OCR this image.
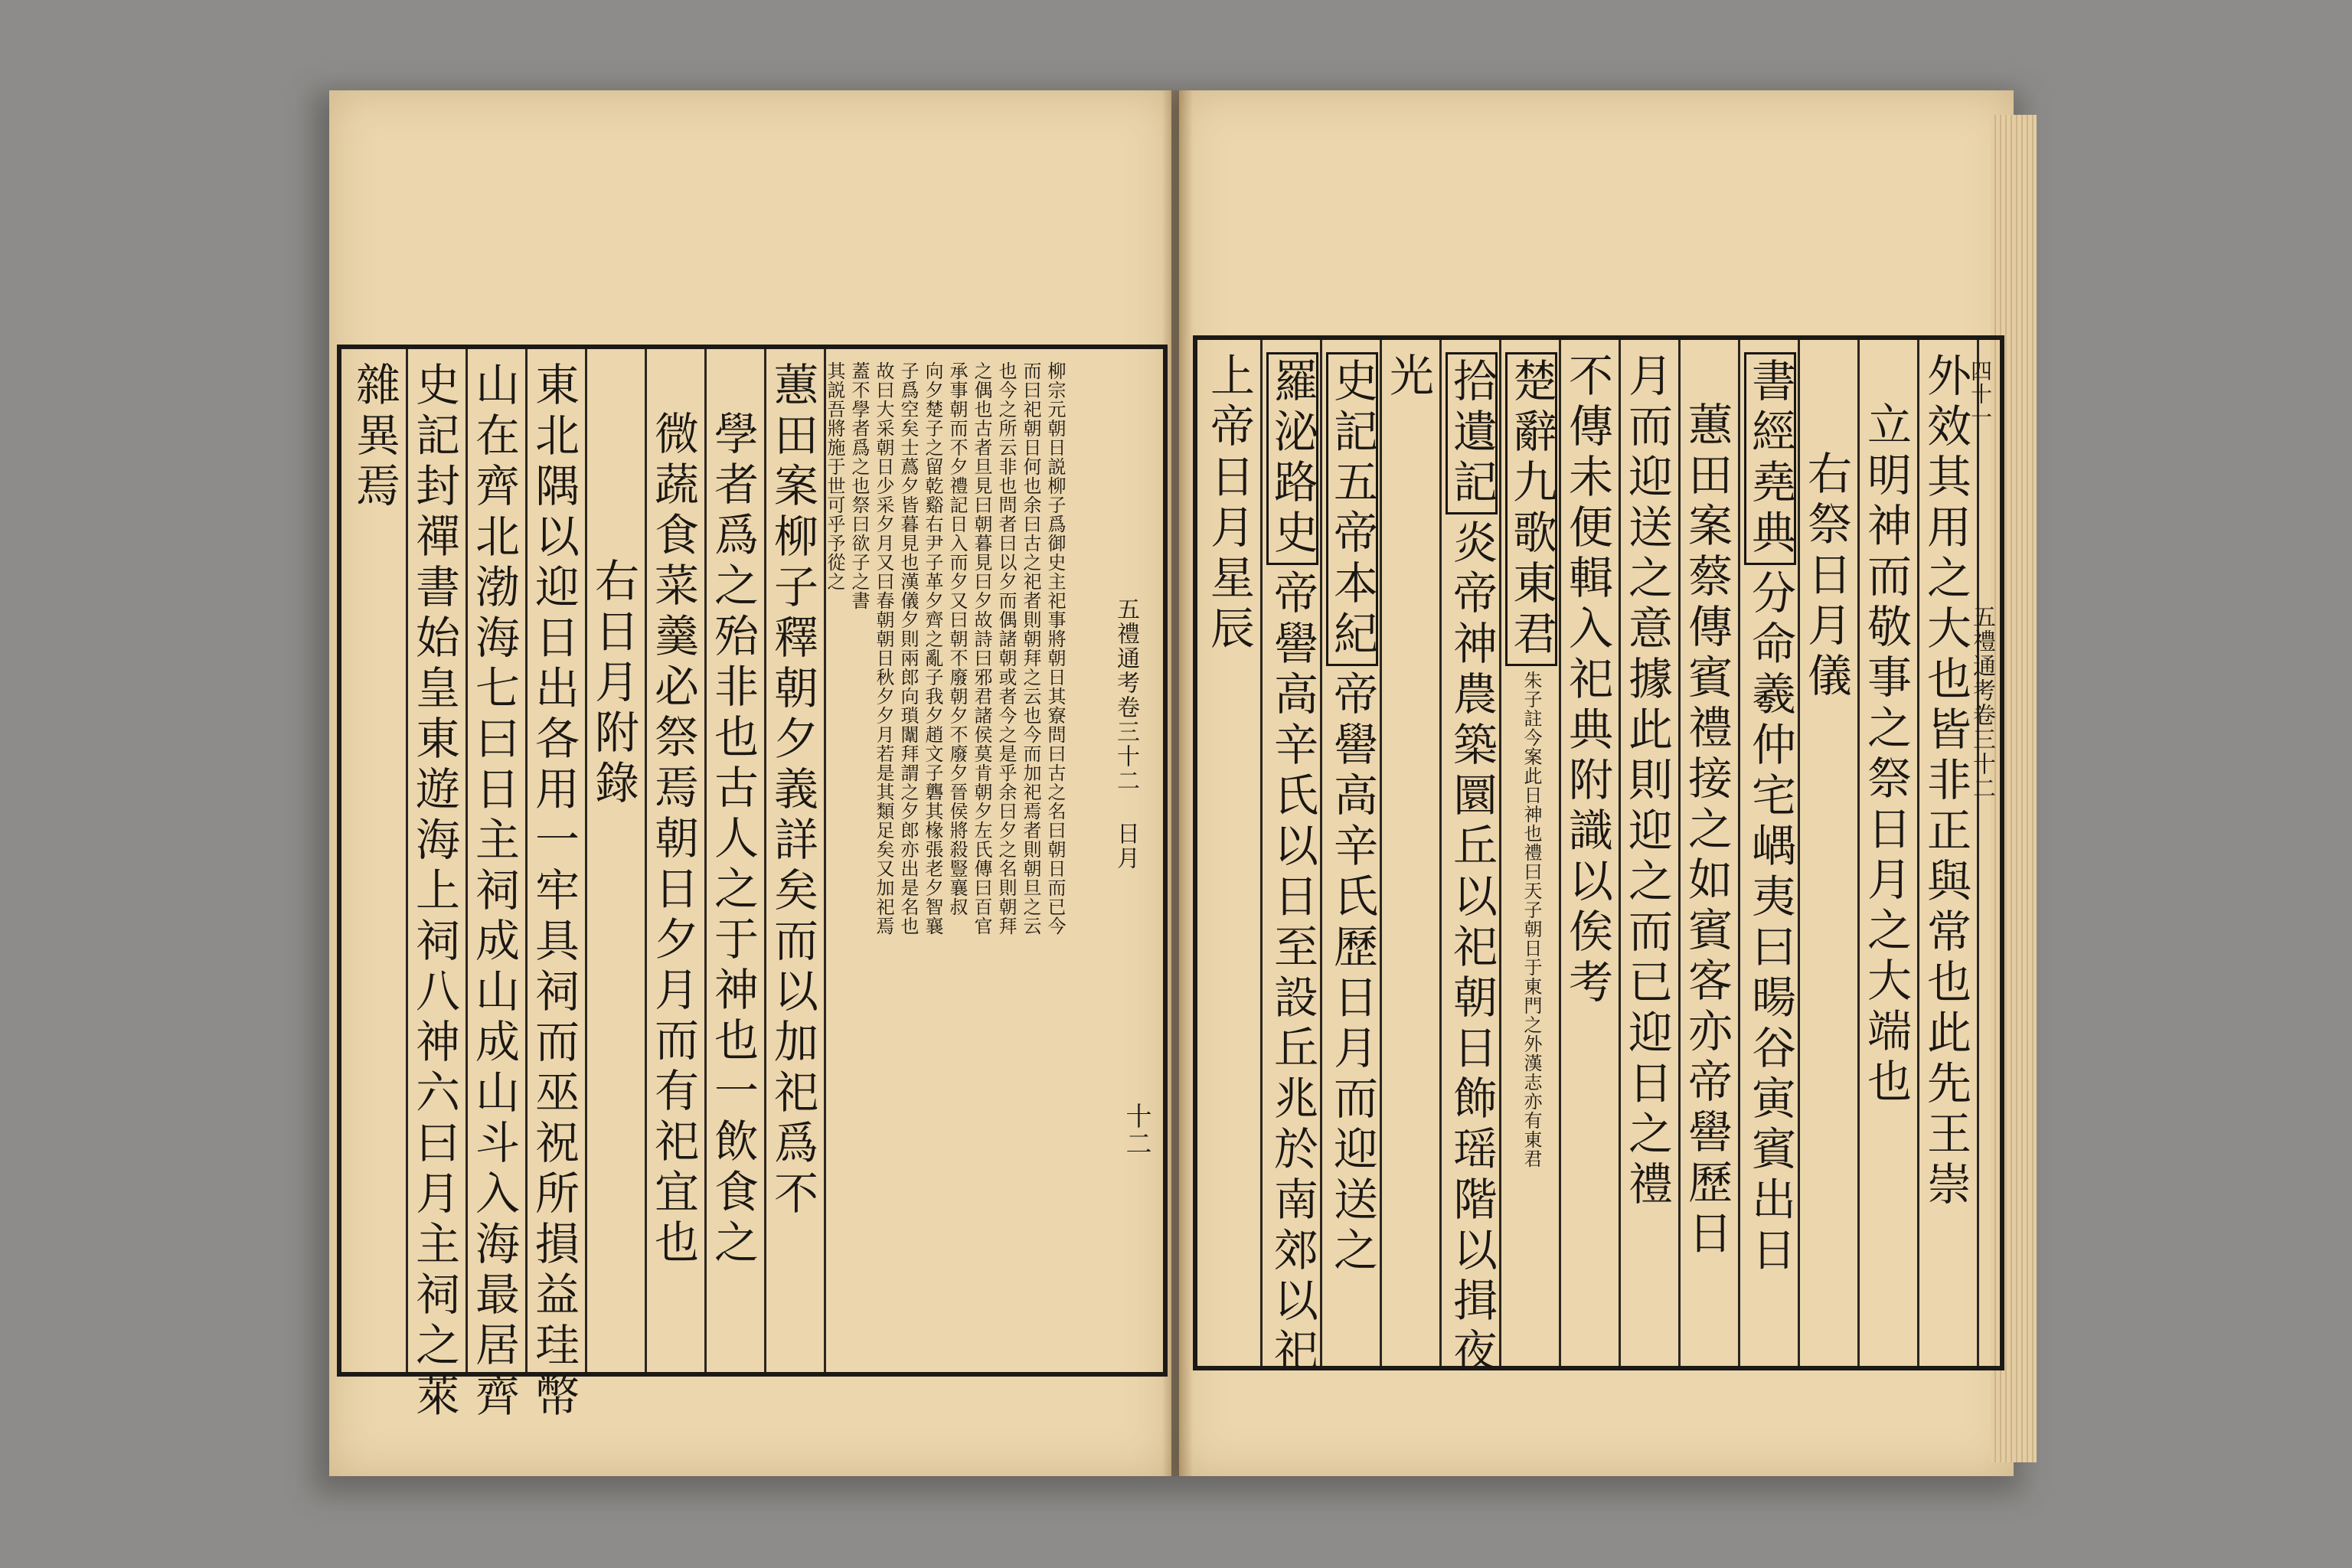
雜異焉 史記封禪書始皇東遊海上祠八神六曰月主祠之萊 山在齊北渤海七曰日主祠成山成山斗入海最居齊 東北隅以迎日出各用一牢具祠而巫祝所損益珪幣 右日月附錄 微蔬食菜羹必祭焉朝日夕月而有祀宜也 學者爲之殆非也古人之于神也一飲食之 蕙田案柳子釋朝夕義詳矣而以加祀爲不 其説吾將施于世可乎予從之 蓋不學者爲之也祭曰欲子之書 故曰大采朝日少采夕月又曰春朝朝日秋夕夕月若是其類足矣又加祀焉 子爲空矣士蔿夕皆暮見也漢儀夕則兩郎向瑣闈拜謂之夕郎亦出是名也 向夕楚子之留乾谿右尹子革夕齊之亂子我夕趙文子礱其椽張老夕智襄 承事朝而不夕禮記日入而夕又曰朝不廢朝夕不廢夕晉侯將殺豎襄叔 之偶也古者旦見曰朝暮見曰夕故詩曰邪君諸侯莫肯朝夕左氏傳曰百官 也今之所云非也問者曰以夕而偶諸朝或者今之是乎余曰夕之名則朝拜 而曰祀朝日何也余曰古之祀者則朝拜之云也今而加祀焉者則朝旦之云 柳宗元朝日説柳子爲御史主祀事將朝日其寮問曰古之名曰朝日而已今	上帝日月星辰 羅泌路史帝嚳高辛氏以日至設丘兆於南郊以祀
史記五帝本紀帝嚳高辛氏歷日月而迎送之
光 拾遺記炎帝神農築圜丘以祀朝日飾瑶階以揖夜
楚辭九歌東君朱子註今案此日神也禮曰天子朝日于東門之外漢志亦有東君 不傳未便輯入祀典附識以俟考 月而迎送之意據此則迎之而已迎日之禮 蕙田案蔡傳賓禮接之如賓客亦帝嚳歷日 書經堯典分命羲仲宅嵎夷曰暘谷寅賓出日 右祭日月儀 立明神而敬事之祭日月之大端也 外效其用之大也皆非正與常也此先王崇
五禮通考卷三十二 日月
十二
四十一
五禮通考卷三十二
